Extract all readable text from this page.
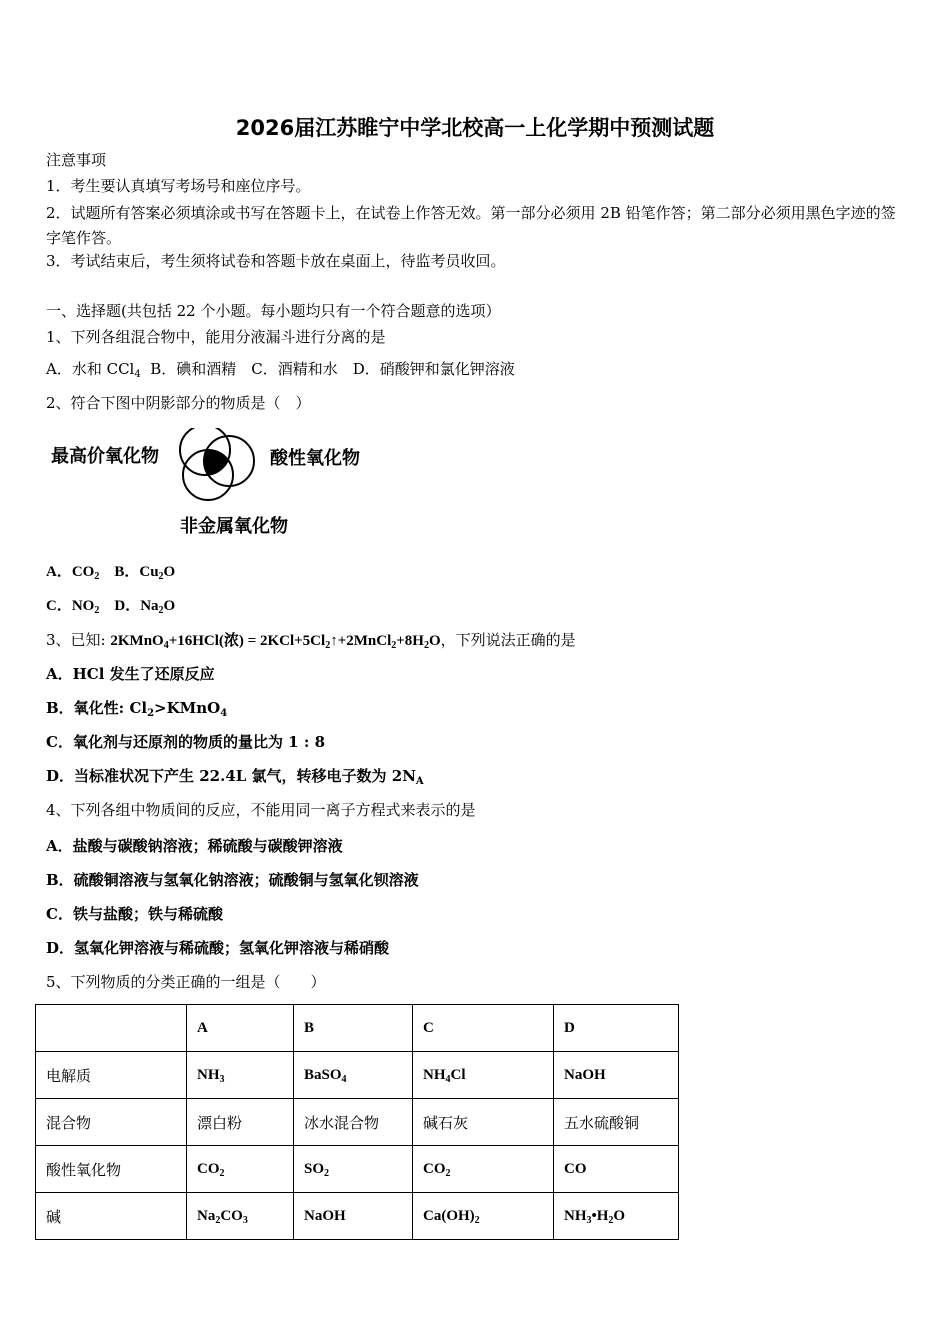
2026届江苏睢宁中学北校高一上化学期中预测试题
注意事项
1．考生要认真填写考场号和座位序号。
2．试题所有答案必须填涂或书写在答题卡上，在试卷上作答无效。第一部分必须用 2B 铅笔作答；第二部分必须用黑色字迹的签字笔作答。
3．考试结束后，考生须将试卷和答题卡放在桌面上，待监考员收回。
一、选择题(共包括 22 个小题。每小题均只有一个符合题意的选项）
1、下列各组混合物中，能用分液漏斗进行分离的是
A．水和 CCl$_4$  B．碘和酒精　C．酒精和水　D．硝酸钾和氯化钾溶液
2、符合下图中阴影部分的物质是（　）
最高价氧化物	酸性氧化物
非金属氧化物
A．$CO_2$　 B．$Cu_2O$
C．$NO_2$　 D．$Na_2O$
3、已知: 2KMnO$_4$+16HCl(浓) = $2KCl+5Cl_2↑+2MnCl_2+8H_2O$，下列说法正确的是
A．HCl 发生了还原反应
B．氧化性: $Cl_2>KMnO_4$
C．氧化剂与还原剂的物质的量比为 1 : 8
D．当标准状况下产生 22.4L 氯气，转移电子数为 $2N_A$
4、下列各组中物质间的反应，不能用同一离子方程式来表示的是
A．盐酸与碳酸钠溶液；稀硫酸与碳酸钾溶液
B．硫酸铜溶液与氢氧化钠溶液；硫酸铜与氢氧化钡溶液
C．铁与盐酸；铁与稀硫酸
D．氢氧化钾溶液与稀硫酸；氢氧化钾溶液与稀硝酸
5、下列物质的分类正确的一组是（　　）
	A	B	C	D
电解质	$NH_3$	BaSO$_4$	$NH_4Cl$	NaOH
混合物	漂白粉	冰水混合物	碱石灰	五水硫酸铜
酸性氧化物	$CO_2$	$SO_2$	$CO_2$	CO
碱	$Na_2CO_3$	NaOH	$Ca(OH)_2$	$NH_3•H_2O$
